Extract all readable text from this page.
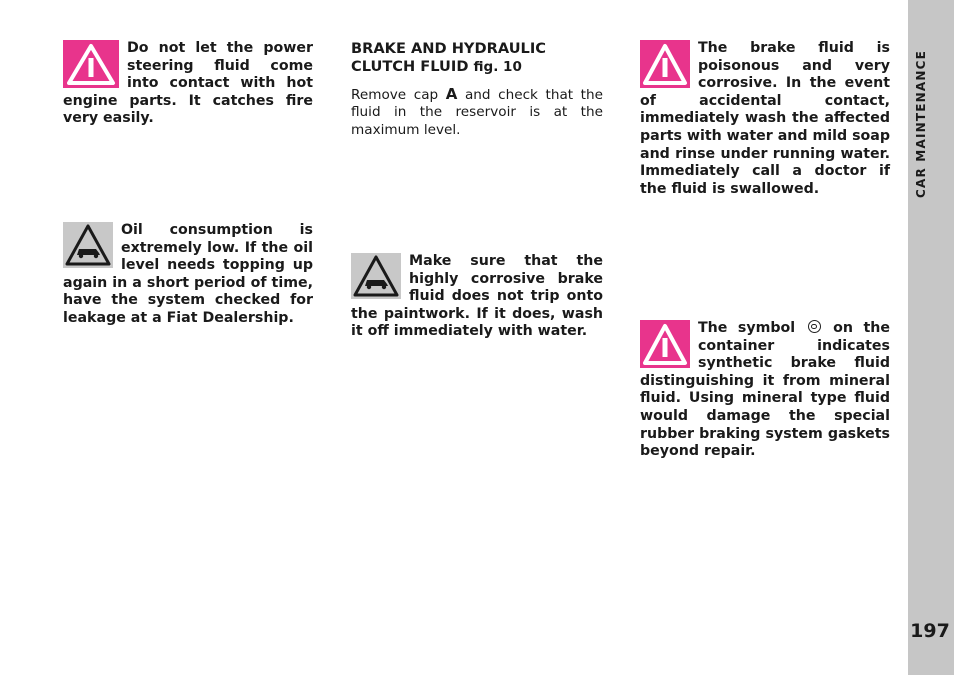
CAR MAINTENANCE
197

Do not let the power steering fluid come into contact with hot engine parts. It catches fire very easily.

Oil consumption is extremely low. If the oil level needs topping up again in a short period of time, have the system checked for leakage at a Fiat Dealership.

BRAKE AND HYDRAULIC CLUTCH FLUID fig. 10
Remove cap A and check that the fluid in the reservoir is at the maximum level.

Make sure that the highly corrosive brake fluid does not trip onto the paintwork. If it does, wash it off immediately with water.

The brake fluid is poisonous and very corrosive. In the event of accidental contact, immediately wash the affected parts with water and mild soap and rinse under running water. Immediately call a doctor if the fluid is swallowed.

The symbol  on the container indicates synthetic brake fluid distinguishing it from mineral fluid. Using mineral type fluid would damage the special rubber braking system gaskets beyond repair.
